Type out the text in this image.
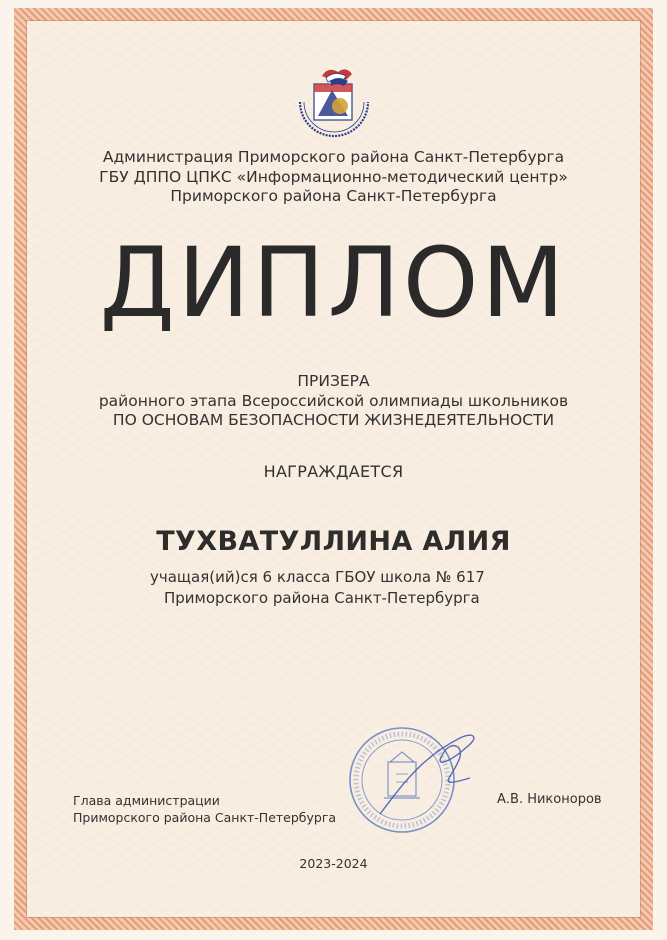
Администрация Приморского района Санкт-Петербурга
ГБУ ДППО ЦПКС «Информационно-методический центр»
Приморского района Санкт-Петербурга
ДИПЛОМ
ПРИЗЕРА
районного этапа Всероссийской олимпиады школьников
ПО ОСНОВАМ БЕЗОПАСНОСТИ ЖИЗНЕДЕЯТЕЛЬНОСТИ
НАГРАЖДАЕТСЯ
ТУХВАТУЛЛИНА АЛИЯ
учащая(ий)ся 6 класса ГБОУ школа № 617
Приморского района Санкт-Петербурга
Глава администрации
Приморского района Санкт-Петербурга
А.В. Никоноров
2023-2024
